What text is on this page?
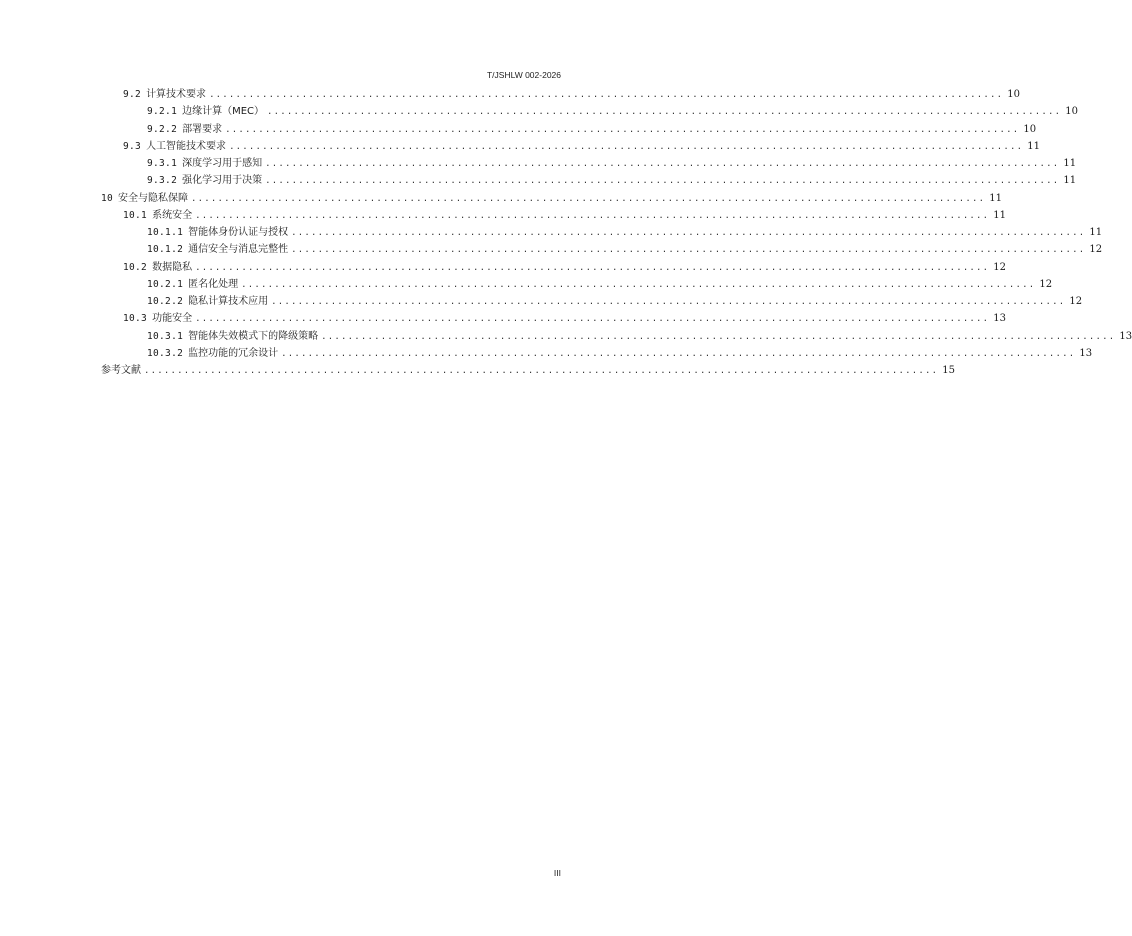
T/JSHLW 002-2026
9.2 计算技术要求 ........................................................................................................................ 10
9.2.1 边缘计算（MEC） ........................................................................................................................ 10
9.2.2 部署要求 ........................................................................................................................ 10
9.3 人工智能技术要求 ........................................................................................................................ 11
9.3.1 深度学习用于感知 ........................................................................................................................ 11
9.3.2 强化学习用于决策 ........................................................................................................................ 11
10 安全与隐私保障 ........................................................................................................................ 11
10.1 系统安全 ........................................................................................................................ 11
10.1.1 智能体身份认证与授权 ........................................................................................................................ 11
10.1.2 通信安全与消息完整性 ........................................................................................................................ 12
10.2 数据隐私 ........................................................................................................................ 12
10.2.1 匿名化处理 ........................................................................................................................ 12
10.2.2 隐私计算技术应用 ........................................................................................................................ 12
10.3 功能安全 ........................................................................................................................ 13
10.3.1 智能体失效模式下的降级策略 ........................................................................................................................ 13
10.3.2 监控功能的冗余设计 ........................................................................................................................ 13
参考文献 ........................................................................................................................ 15
III
